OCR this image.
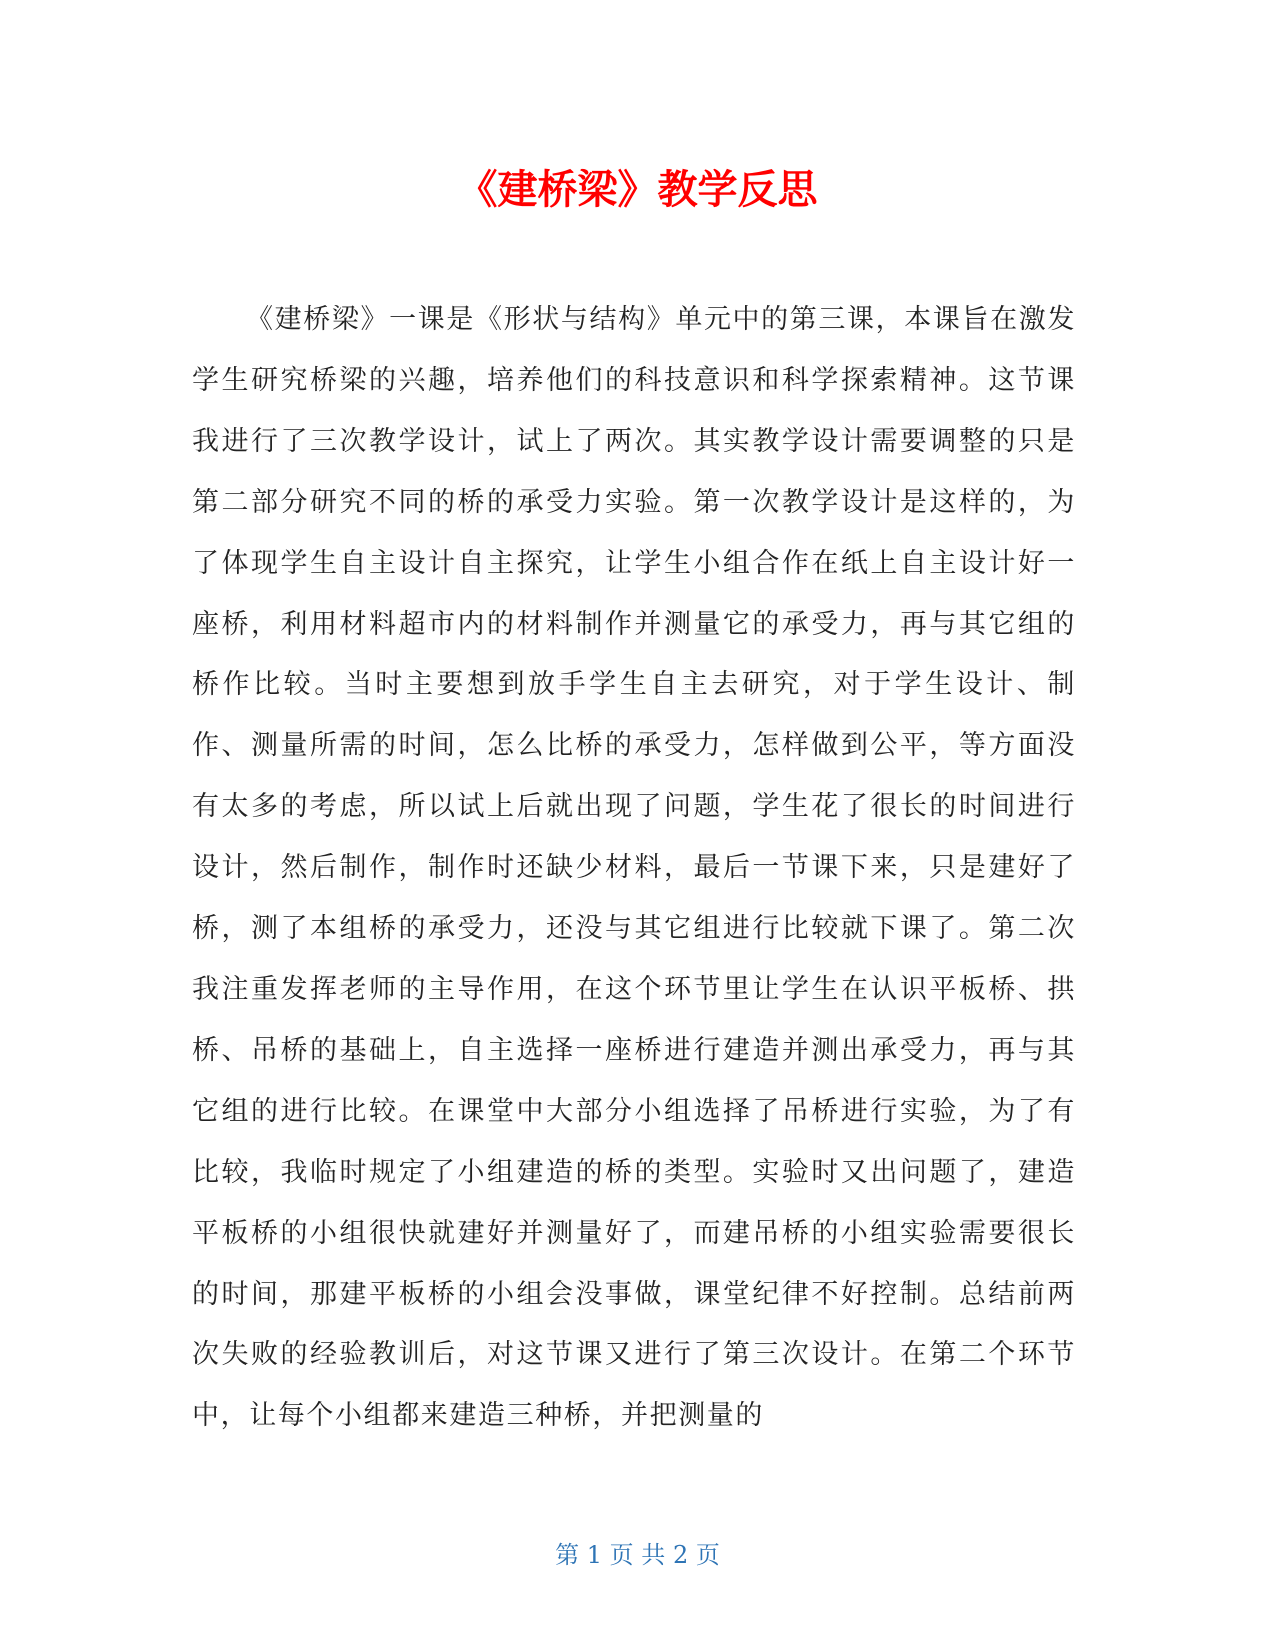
《建桥梁》教学反思

《建桥梁》一课是《形状与结构》单元中的第三课，本课旨在激发学生研究桥梁的兴趣，培养他们的科技意识和科学探索精神。这节课我进行了三次教学设计，试上了两次。其实教学设计需要调整的只是第二部分研究不同的桥的承受力实验。第一次教学设计是这样的，为了体现学生自主设计自主探究，让学生小组合作在纸上自主设计好一座桥，利用材料超市内的材料制作并测量它的承受力，再与其它组的桥作比较。当时主要想到放手学生自主去研究，对于学生设计、制作、测量所需的时间，怎么比桥的承受力，怎样做到公平，等方面没有太多的考虑，所以试上后就出现了问题，学生花了很长的时间进行设计，然后制作，制作时还缺少材料，最后一节课下来，只是建好了桥，测了本组桥的承受力，还没与其它组进行比较就下课了。第二次我注重发挥老师的主导作用，在这个环节里让学生在认识平板桥、拱桥、吊桥的基础上，自主选择一座桥进行建造并测出承受力，再与其它组的进行比较。在课堂中大部分小组选择了吊桥进行实验，为了有比较，我临时规定了小组建造的桥的类型。实验时又出问题了，建造平板桥的小组很快就建好并测量好了，而建吊桥的小组实验需要很长的时间，那建平板桥的小组会没事做，课堂纪律不好控制。总结前两次失败的经验教训后，对这节课又进行了第三次设计。在第二个环节中，让每个小组都来建造三种桥，并把测量的

第 1 页 共 2 页
